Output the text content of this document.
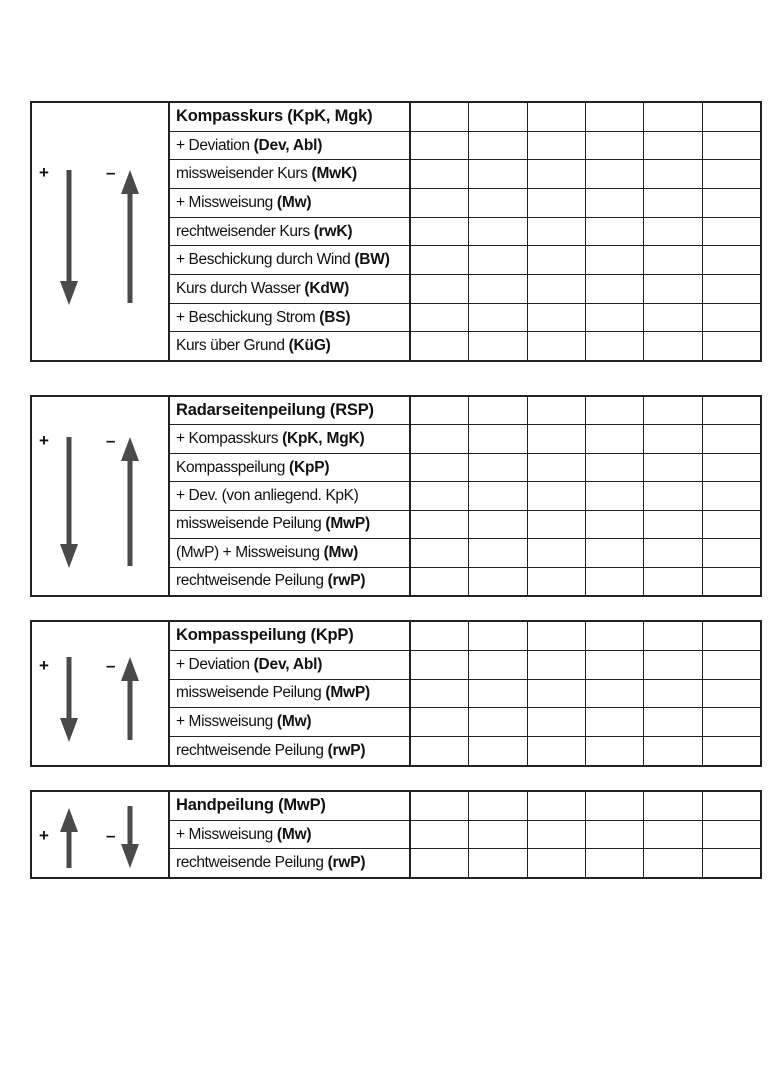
+	–
Kompasskurs (KpK, Mgk)
+ Deviation (Dev, Abl)
missweisender Kurs (MwK)
+ Missweisung (Mw)
rechtweisender Kurs (rwK)
+ Beschickung durch Wind (BW)
Kurs durch Wasser (KdW)
+ Beschickung Strom (BS)
Kurs über Grund (KüG)
+	–
Radarseitenpeilung (RSP)
+ Kompasskurs (KpK, MgK)
Kompasspeilung (KpP)
+ Dev. (von anliegend. KpK)
missweisende Peilung (MwP)
(MwP) + Missweisung (Mw)
rechtweisende Peilung (rwP)
+	–
Kompasspeilung (KpP)
+ Deviation (Dev, Abl)
missweisende Peilung (MwP)
+ Missweisung (Mw)
rechtweisende Peilung (rwP)
+	–
Handpeilung (MwP)
+ Missweisung (Mw)
rechtweisende Peilung (rwP)
